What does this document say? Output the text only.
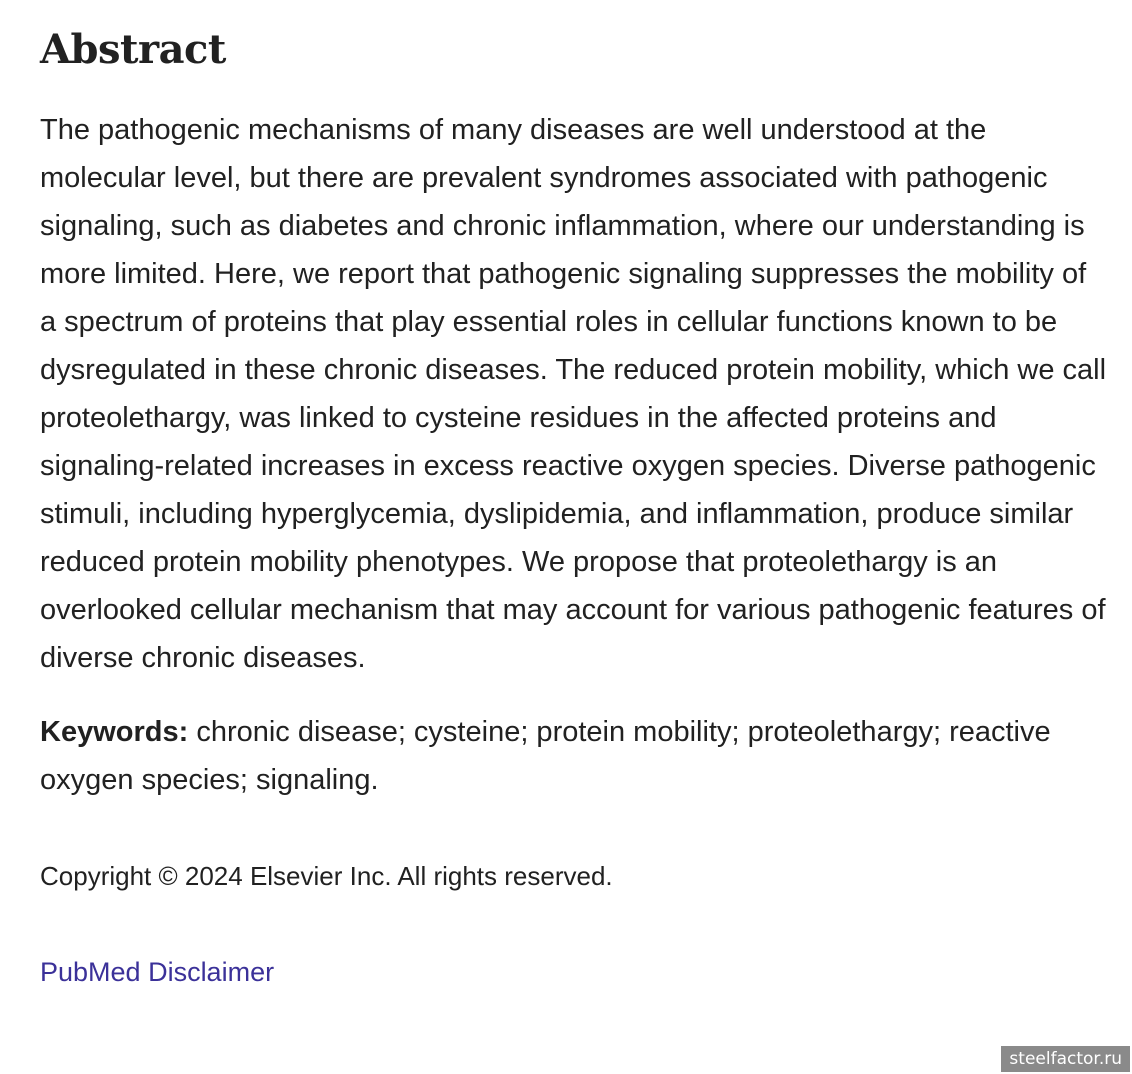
Abstract

The pathogenic mechanisms of many diseases are well understood at the molecular level, but there are prevalent syndromes associated with pathogenic signaling, such as diabetes and chronic inflammation, where our understanding is more limited. Here, we report that pathogenic signaling suppresses the mobility of a spectrum of proteins that play essential roles in cellular functions known to be dysregulated in these chronic diseases. The reduced protein mobility, which we call proteolethargy, was linked to cysteine residues in the affected proteins and signaling-related increases in excess reactive oxygen species. Diverse pathogenic stimuli, including hyperglycemia, dyslipidemia, and inflammation, produce similar reduced protein mobility phenotypes. We propose that proteolethargy is an overlooked cellular mechanism that may account for various pathogenic features of diverse chronic diseases.

Keywords: chronic disease; cysteine; protein mobility; proteolethargy; reactive oxygen species; signaling.

Copyright © 2024 Elsevier Inc. All rights reserved.

PubMed Disclaimer
steelfactor.ru
